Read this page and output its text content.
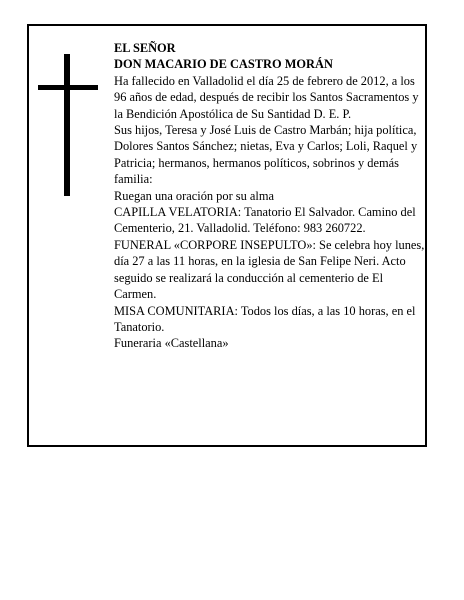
EL SEÑOR

DON MACARIO DE CASTRO MORÁN

Ha fallecido en Valladolid el día 25 de febrero de 2012, a los 96 años de edad, después de recibir los Santos Sacramentos y la Bendición Apostólica de Su Santidad D. E. P.

Sus hijos, Teresa y José Luis de Castro Marbán; hija política, Dolores Santos Sánchez; nietas, Eva y Carlos; Loli, Raquel y Patricia; hermanos, hermanos políticos, sobrinos y demás familia:

Ruegan una oración por su alma

CAPILLA VELATORIA: Tanatorio El Salvador. Camino del Cementerio, 21. Valladolid. Teléfono: 983 260722.

FUNERAL «CORPORE INSEPULTO»: Se celebra hoy lunes, día 27 a las 11 horas, en la iglesia de San Felipe Neri. Acto seguido se realizará la conducción al cementerio de El Carmen.

MISA COMUNITARIA: Todos los días, a las 10 horas, en el Tanatorio.

Funeraria «Castellana»
